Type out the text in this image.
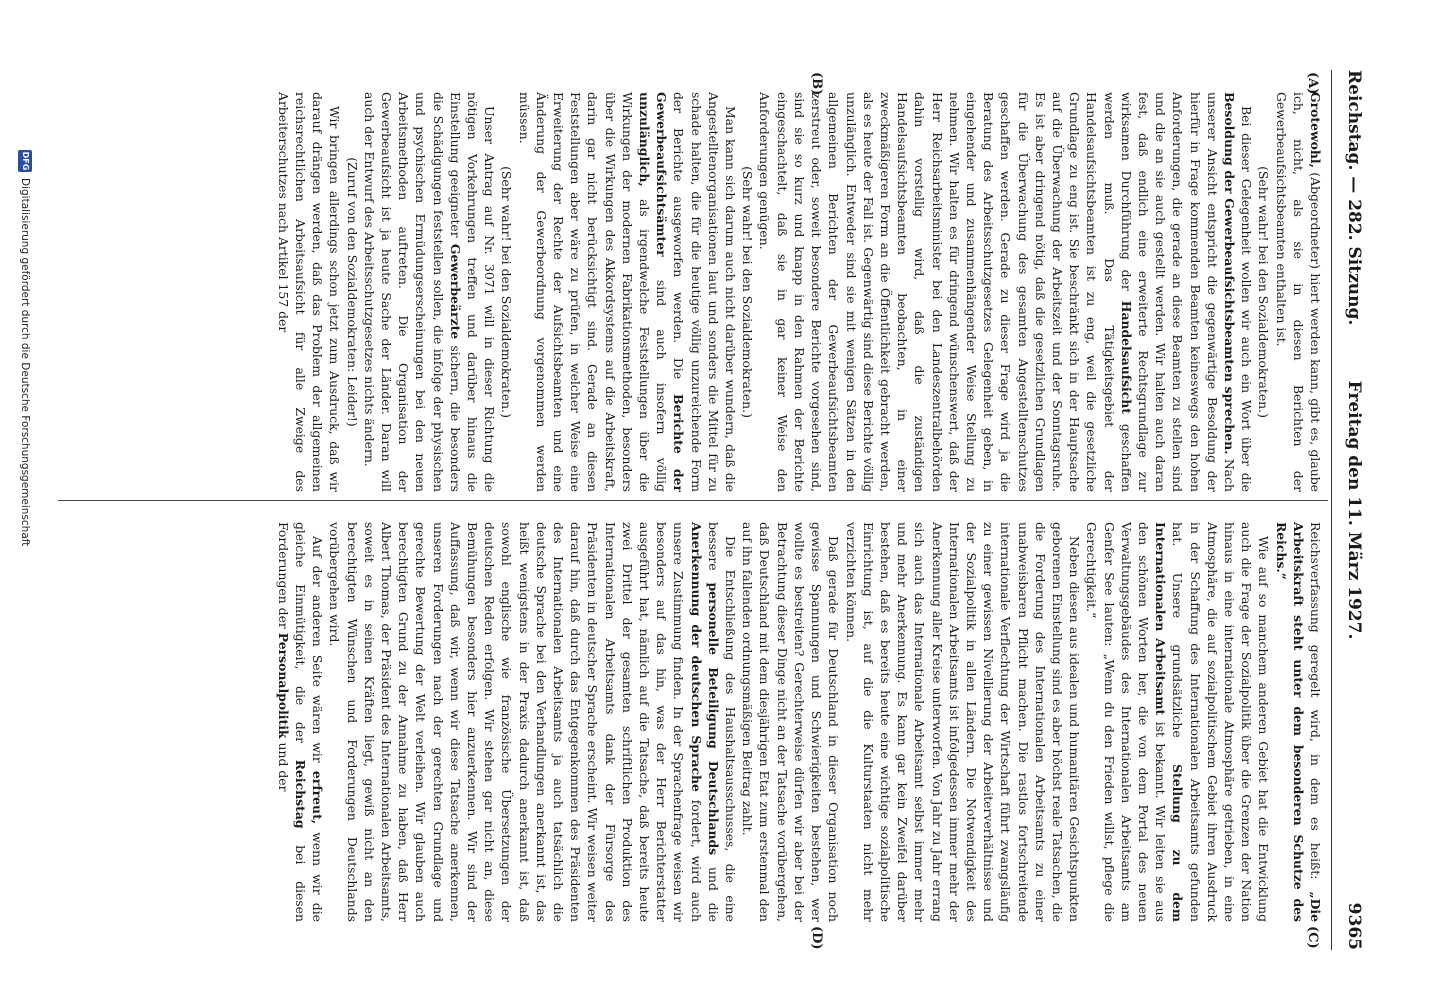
Reichstag. — 282. Sitzung.
Freitag den 11. März 1927.
9365
(A)
(B)
(C)
(D)

Grotewohl, (Abgeordneter) hiert werden kann, gibt es, glaube ich, nicht, als sie in diesen Berichten der Gewerbeaufsichtsbeamten enthalten ist.

(Sehr wahr! bei den Sozialdemokraten.)

Bei dieser Gelegenheit wollen wir auch ein Wort über die Besoldung der Gewerbeaufsichtsbeamten sprechen. Nach unserer Ansicht entspricht die gegenwärtige Besoldung der hierfür in Frage kommenden Beamten keineswegs den hohen Anforderungen, die gerade an diese Beamten zu stellen sind und die an sie auch gestellt werden. Wir halten auch daran fest, daß endlich eine erweiterte Rechtsgrundlage zur wirksamen Durchführung der Handelsaufsicht geschaffen werden muß. Das Tätigkeitsgebiet der Handelsaufsichtsbeamten ist zu eng, weil die gesetzliche Grundlage zu eng ist. Sie beschränkt sich in der Hauptsache auf die Überwachung der Arbeitszeit und der Sonntagsruhe. Es ist aber dringend nötig, daß die gesetzlichen Grundlagen für die Überwachung des gesamten Angestelltenschutzes geschaffen werden. Gerade zu dieser Frage wird ja die Beratung des Arbeitsschutzgesetzes Gelegenheit geben, in eingehender und zusammenhängender Weise Stellung zu nehmen. Wir halten es für dringend wünschenswert, daß der Herr Reichsarbeitsminister bei den Landeszentralbehörden dahin vorstellig wird, daß die zuständigen Handelsaufsichtsbeamten beobachten, in einer zweckmäßigeren Form an die Öffentlichkeit gebracht werden, als es heute der Fall ist. Gegenwärtig sind diese Berichte völlig unzulänglich. Entweder sind sie mit wenigen Sätzen in den allgemeinen Berichten der Gewerbeaufsichtsbeamten zerstreut oder, soweit besondere Berichte vorgesehen sind, sind sie so kurz und knapp in den Rahmen der Berichte eingeschachtelt, daß sie in gar keiner Weise den Anforderungen genügen.

(Sehr wahr! bei den Sozialdemokraten.)

Man kann sich darum auch nicht darüber wundern, daß die Angestelltenorganisationen laut und sonders die Mittel für zu schade halten, die für die heutige völlig unzureichende Form der Berichte ausgeworfen werden. Die Berichte der Gewerbeaufsichtsämter sind auch insofern völlig unzulänglich, als irgendwelche Feststellungen über die Wirkungen der modernen Fabrikationsmethoden, besonders über die Wirkungen des Akkordsystems auf die Arbeitskraft, darin gar nicht berücksichtigt sind. Gerade an diesen Feststellungen aber wäre zu prüfen, in welcher Weise eine Erweiterung der Rechte der Aufsichtsbeamten und eine Änderung der Gewerbeordnung vorgenommen werden müssen.

(Sehr wahr! bei den Sozialdemokraten.)

Unser Antrag auf Nr. 3071 will in dieser Richtung die nötigen Vorkehrungen treffen und darüber hinaus die Einstellung geeigneter Gewerbeärzte sichern, die besonders die Schädigungen feststellen sollen, die infolge der physischen und psychischen Ermüdungserscheinungen bei den neuen Arbeitsmethoden auftreten. Die Organisation der Gewerbeaufsicht ist ja heute Sache der Länder. Daran will auch der Entwurf des Arbeitsschutzgesetzes nichts ändern.

(Zuruf von den Sozialdemokraten: Leider!)

Wir bringen allerdings schon jetzt zum Ausdruck, daß wir darauf drängen werden, daß das Problem der allgemeinen reichsrechtlichen Arbeitsaufsicht für alle Zweige des Arbeiterschutzes nach Artikel 157 der

Reichsverfassung geregelt wird, in dem es heißt: „Die Arbeitskraft steht unter dem besonderen Schutze des Reichs.“

Wie auf so manchem anderen Gebiet hat die Entwicklung auch die Frage der Sozialpolitik über die Grenzen der Nation hinaus in eine internationale Atmosphäre getrieben, in eine Atmosphäre, die auf sozialpolitischem Gebiet ihren Ausdruck in der Schaffung des Internationalen Arbeitsamts gefunden hat. Unsere grundsätzliche Stellung zu dem Internationalen Arbeitsamt ist bekannt. Wir leiten sie aus den schönen Worten her, die von dem Portal des neuen Verwaltungsgebäudes des Internationalen Arbeitsamts am Genfer See lauten: „Wenn du den Frieden willst, pflege die Gerechtigkeit.“

Neben diesen aus idealen und humanitären Gesichtspunkten geborenen Einstellung sind es aber höchst reale Tatsachen, die die Forderung des Internationalen Arbeitsamts zu einer unabweisbaren Pflicht machen. Die rastlos fortschreitende internationale Verflechtung der Wirtschaft führt zwangsläufig zu einer gewissen Nivellierung der Arbeiterverhältnisse und der Sozialpolitik in allen Ländern. Die Notwendigkeit des Internationalen Arbeitsamts ist infolgedessen immer mehr der Anerkennung aller Kreise unterworfen. Von Jahr zu Jahr errang sich auch das Internationale Arbeitsamt selbst immer mehr und mehr Anerkennung. Es kann gar kein Zweifel darüber bestehen, daß es bereits heute eine wichtige sozialpolitische Einrichtung ist, auf die die Kulturstaaten nicht mehr verzichten können.

Daß gerade für Deutschland in dieser Organisation noch gewisse Spannungen und Schwierigkeiten bestehen, wer wollte es bestreiten? Gerechterweise dürfen wir aber bei der Betrachtung dieser Dinge nicht an der Tatsache vorübergehen, daß Deutschland mit dem diesjährigen Etat zum erstenmal den auf ihn fallenden ordnungsmäßigen Beitrag zahlt.

Die Entschließung des Haushaltsausschusses, die eine bessere personelle Beteiligung Deutschlands und die Anerkennung der deutschen Sprache fordert, wird auch unsere Zustimmung finden. In der Sprachenfrage weisen wir besonders auf das hin, was der Herr Berichterstatter ausgeführt hat, nämlich auf die Tatsache, daß bereits heute zwei Drittel der gesamten schriftlichen Produktion des Internationalen Arbeitsamts dank der Fürsorge des Präsidenten in deutscher Sprache erscheint. Wir weisen weiter darauf hin, daß durch das Entgegenkommen des Präsidenten des Internationalen Arbeitsamts ja auch tatsächlich die deutsche Sprache bei den Verhandlungen anerkannt ist, das heißt wenigstens in der Praxis dadurch anerkannt ist, daß sowohl englische wie französische Übersetzungen der deutschen Reden erfolgen. Wir stehen gar nicht an, diese Bemühungen besonders hier anzuerkennen. Wir sind der Auffassung, daß wir, wenn wir diese Tatsache anerkennen, unseren Forderungen nach der gerechten Grundlage und gerechte Bewertung der Welt verleihen. Wir glauben auch berechtigten Grund zu der Annahme zu haben, daß Herr Albert Thomas, der Präsident des Internationalen Arbeitsamts, soweit es in seinen Kräften liegt, gewiß nicht an den berechtigten Wünschen und Forderungen Deutschlands vorübergehen wird.

Auf der anderen Seite wären wir erfreut, wenn wir die gleiche Einmütigkeit, die der Reichstag bei diesen Forderungen der Personalpolitik und der

DFG
Digitalisierung gefördert durch die Deutsche Forschungsgemeinschaft
